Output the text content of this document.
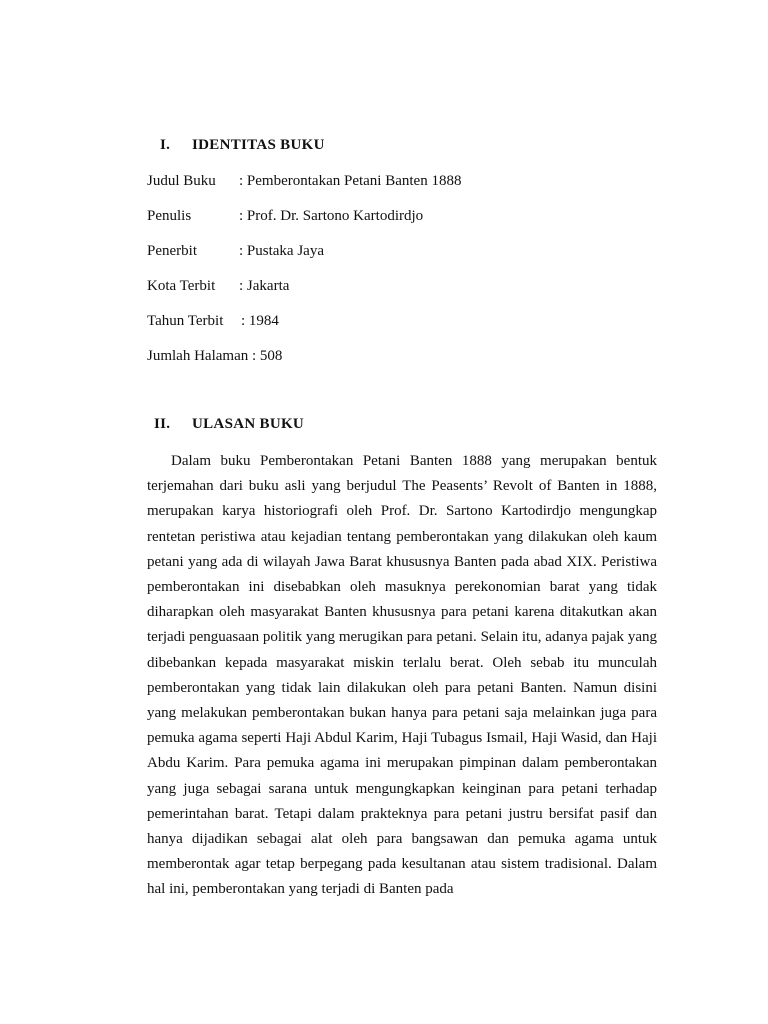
I. IDENTITAS BUKU
Judul Buku : Pemberontakan Petani Banten 1888
Penulis	: Prof. Dr. Sartono Kartodirdjo
Penerbit	: Pustaka Jaya
Kota Terbit : Jakarta
Tahun Terbit : 1984
Jumlah Halaman : 508
II. ULASAN BUKU

Dalam buku Pemberontakan Petani Banten 1888 yang merupakan bentuk terjemahan dari buku asli yang berjudul The Peasents’ Revolt of Banten in 1888, merupakan karya historiografi oleh Prof. Dr. Sartono Kartodirdjo mengungkap rentetan peristiwa atau kejadian tentang pemberontakan yang dilakukan oleh kaum petani yang ada di wilayah Jawa Barat khususnya Banten pada abad XIX. Peristiwa pemberontakan ini disebabkan oleh masuknya perekonomian barat yang tidak diharapkan oleh masyarakat Banten khususnya para petani karena ditakutkan akan terjadi penguasaan politik yang merugikan para petani. Selain itu, adanya pajak yang dibebankan kepada masyarakat miskin terlalu berat. Oleh sebab itu munculah pemberontakan yang tidak lain dilakukan oleh para petani Banten. Namun disini yang melakukan pemberontakan bukan hanya para petani saja melainkan juga para pemuka agama seperti Haji Abdul Karim, Haji Tubagus Ismail, Haji Wasid, dan Haji Abdu Karim. Para pemuka agama ini merupakan pimpinan dalam pemberontakan yang juga sebagai sarana untuk mengungkapkan keinginan para petani terhadap pemerintahan barat. Tetapi dalam prakteknya para petani justru bersifat pasif dan hanya dijadikan sebagai alat oleh para bangsawan dan pemuka agama untuk memberontak agar tetap berpegang pada kesultanan atau sistem tradisional. Dalam hal ini, pemberontakan yang terjadi di Banten pada
